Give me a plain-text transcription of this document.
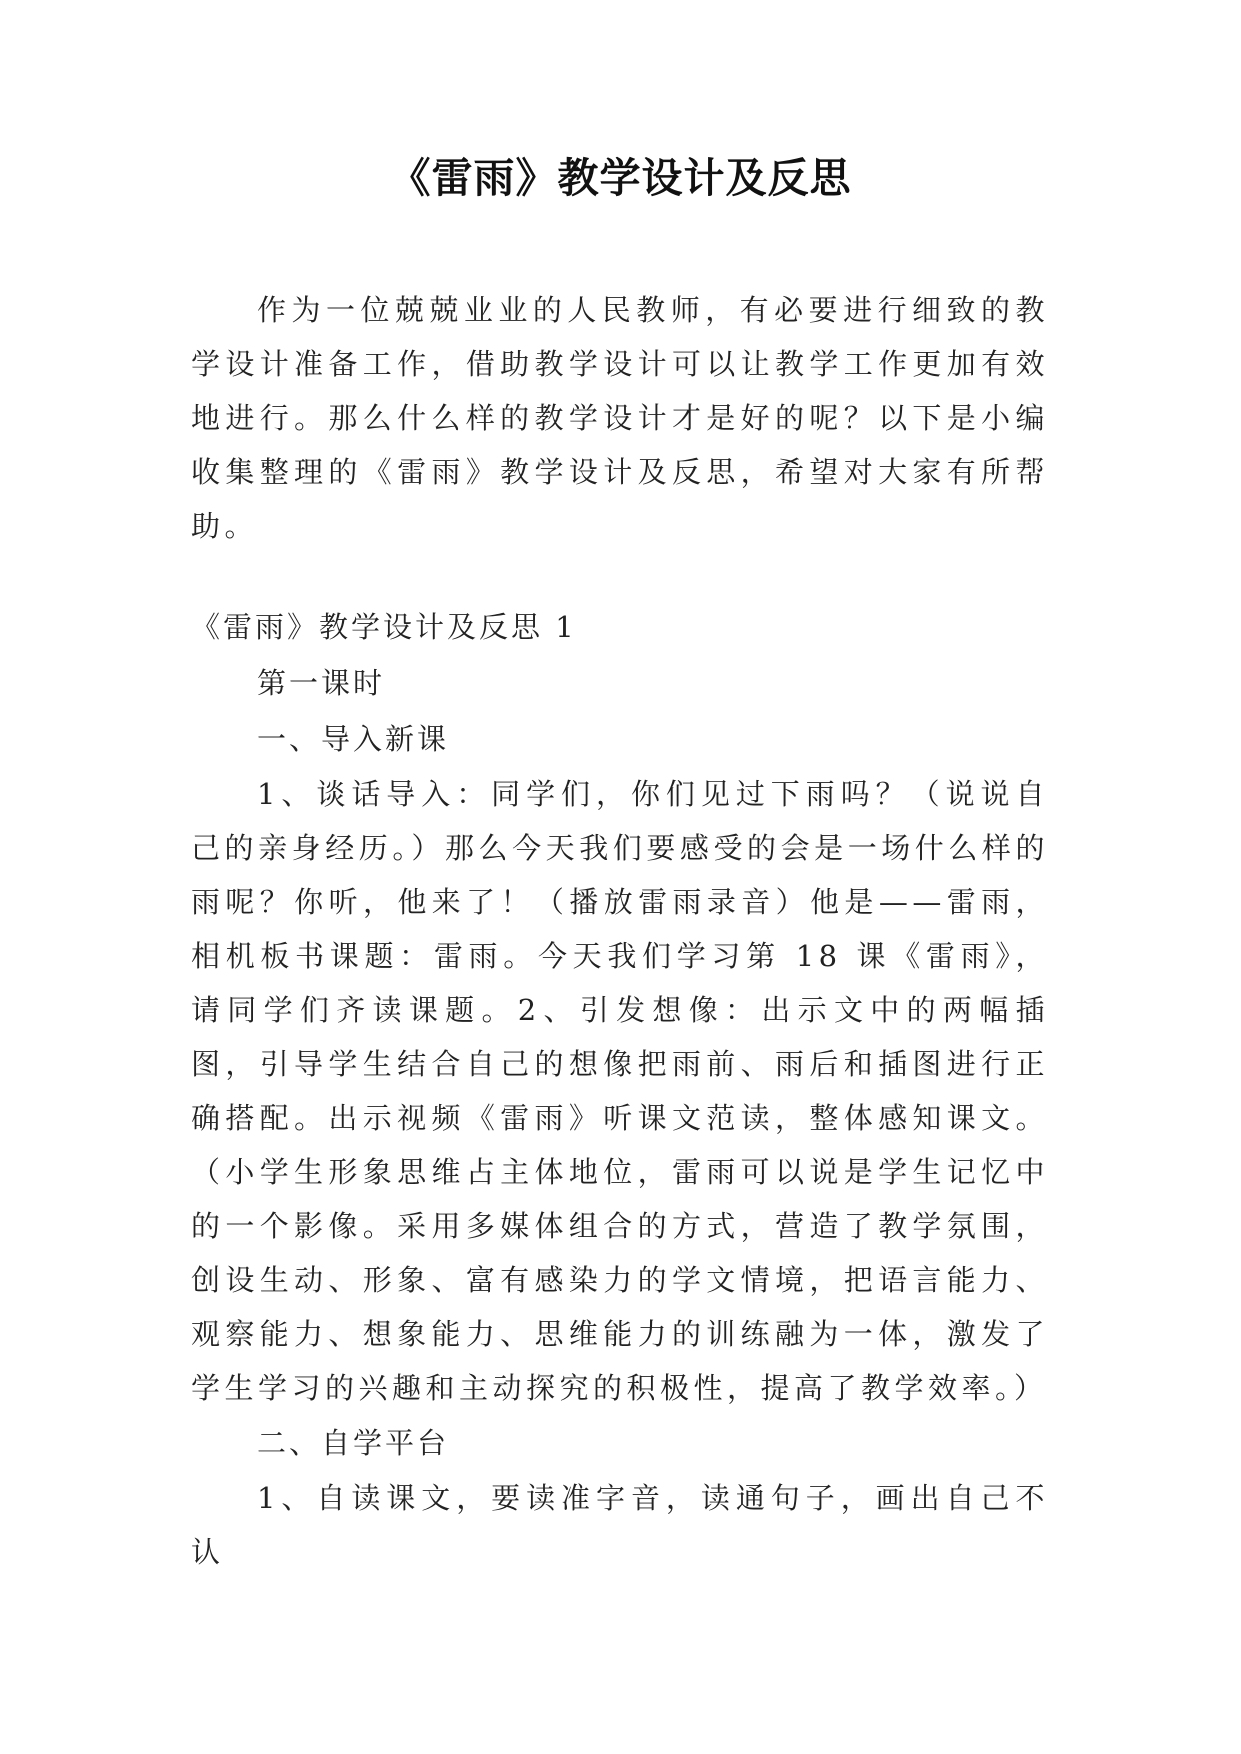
《雷雨》教学设计及反思

作为一位兢兢业业的人民教师，有必要进行细致的教学设计准备工作，借助教学设计可以让教学工作更加有效地进行。那么什么样的教学设计才是好的呢？以下是小编收集整理的《雷雨》教学设计及反思，希望对大家有所帮助。

《雷雨》教学设计及反思 1

第一课时

一、导入新课

1、谈话导入：同学们，你们见过下雨吗？（说说自己的亲身经历。）那么今天我们要感受的会是一场什么样的雨呢？你听，他来了！（播放雷雨录音）他是——雷雨，相机板书课题：雷雨。今天我们学习第 18 课《雷雨》，请同学们齐读课题。2、引发想像：出示文中的两幅插图，引导学生结合自己的想像把雨前、雨后和插图进行正确搭配。出示视频《雷雨》听课文范读，整体感知课文。（小学生形象思维占主体地位，雷雨可以说是学生记忆中的一个影像。采用多媒体组合的方式，营造了教学氛围，创设生动、形象、富有感染力的学文情境，把语言能力、观察能力、想象能力、思维能力的训练融为一体，激发了学生学习的兴趣和主动探究的积极性，提高了教学效率。）

二、自学平台

1、自读课文，要读准字音，读通句子，画出自己不认
